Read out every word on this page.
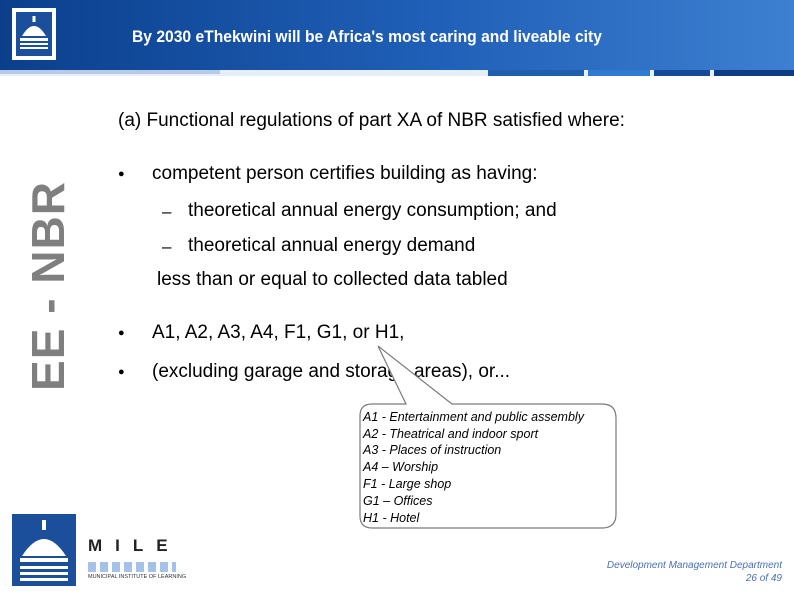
By 2030 eThekwini will be Africa's most caring and liveable city
EE - NBR
(a) Functional regulations of part XA of NBR satisfied where:
● competent person certifies building as having:
– theoretical annual energy consumption; and
– theoretical annual energy demand
less than or equal to collected data tabled
● A1, A2, A3, A4, F1, G1, or H1,
● (excluding garage and storage areas), or...
A1 - Entertainment and public assembly
A2 - Theatrical and indoor sport
A3 - Places of instruction
A4 – Worship
F1 - Large shop
G1 – Offices
H1 - Hotel
MILE
MUNICIPAL INSTITUTE OF LEARNING
Development Management Department
26 of 49
